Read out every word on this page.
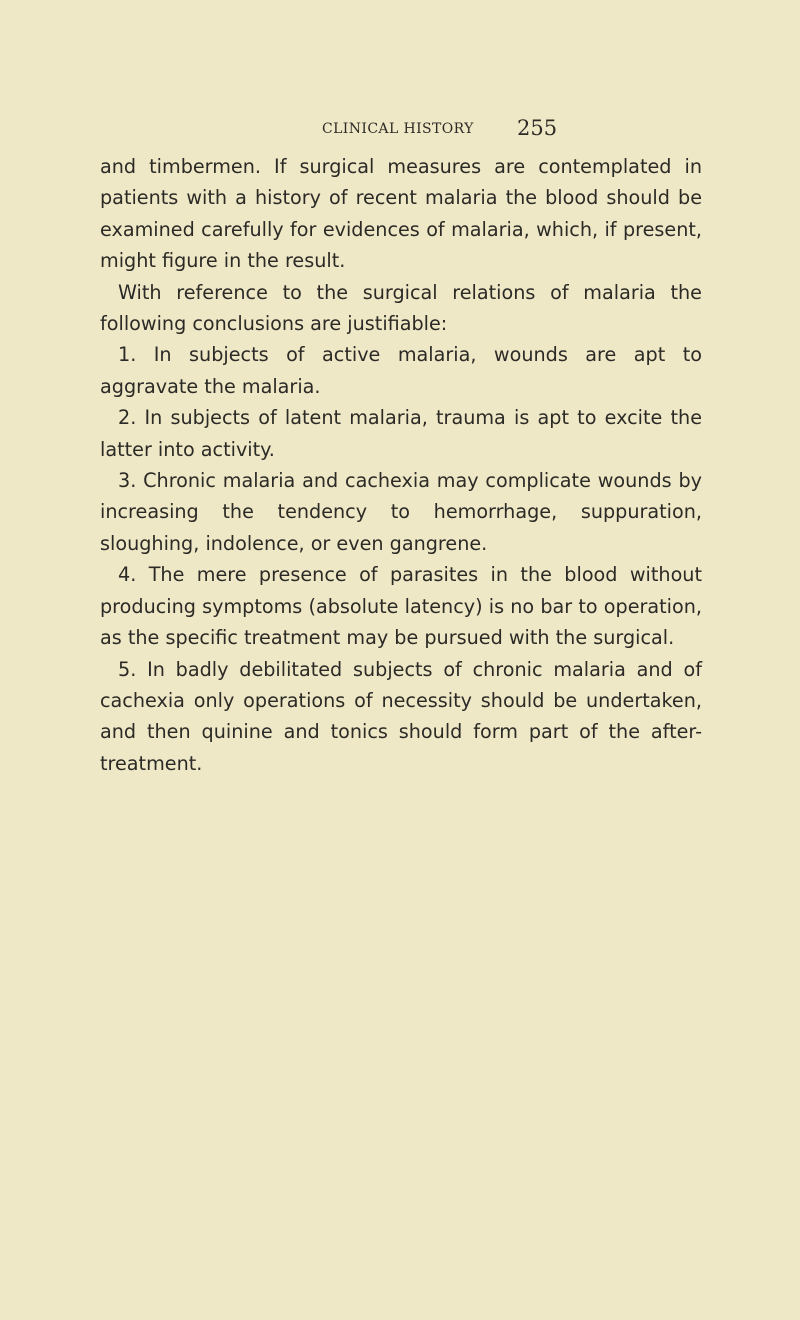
CLINICAL HISTORY 255

and timbermen. If surgical measures are contemplated in patients with a history of recent malaria the blood should be examined carefully for evidences of malaria, which, if present, might figure in the result.

With reference to the surgical relations of malaria the following conclusions are justifiable:

1. In subjects of active malaria, wounds are apt to aggravate the malaria.

2. In subjects of latent malaria, trauma is apt to excite the latter into activity.

3. Chronic malaria and cachexia may complicate wounds by increasing the tendency to hemorrhage, suppuration, sloughing, indolence, or even gangrene.

4. The mere presence of parasites in the blood without producing symptoms (absolute latency) is no bar to operation, as the specific treatment may be pursued with the surgical.

5. In badly debilitated subjects of chronic malaria and of cachexia only operations of necessity should be undertaken, and then quinine and tonics should form part of the after-treatment.
